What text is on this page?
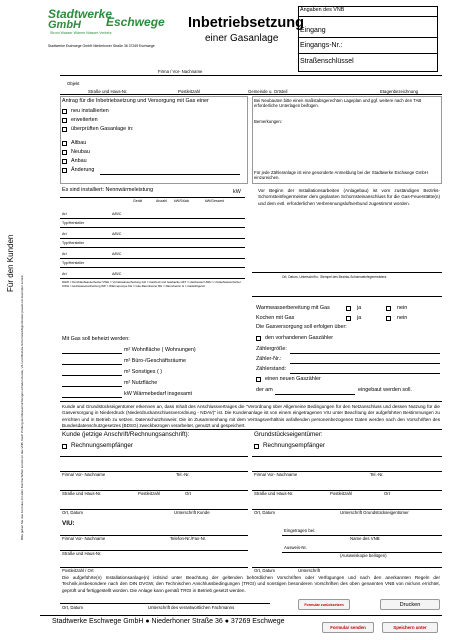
Stadtwerke
GmbH Eschwege
Strom Wasser Wärme Wasser Verkehr
Stadtwerke Eschwege GmbH Niederhoner Straße 36 37269 Eschwege
Inbetriebsetzung
einer Gasanlage
Angaben des VNB
Eingang
Eingangs-Nr.:
Straßenschlüssel
Für den Kunden
Bitte geben Sie das Formular mit allen Durchschriften zurück an das VNB. Nach Prüfung der Messeinrichtungen erhalten Kunde, VIU und Bezirks-Schornsteinfegermeister jeweils ein Exemplar zurück.
Firma / Vor- Nachname
Objekt
Straße und Haus-Nr.	Postleitzahl	Gemeinde u. Ortsteil	Etagenbezeichnung
Antrag für die Inbetriebsetzung und Versorgung mit Gas einer
neu installierten
erweiterten
überprüften Gasanlage in:
Altbau
Neubau
Anbau
Änderung
Bei Neubauten bitte einen maßstabsgerechten Lageplan und ggf. weitere nach den TAB erforderliche Unterlagen beifügen.
Bemerkungen:
Für jede Zähleranlage ist eine gesonderte Anmeldung bei der Stadtwerke Eschwege GmbH einzureichen.
Es sind installiert: Nennwärmeleistung	kW
Gerät	Anzahl kW/Stück	kW/Gesamt
Art	A/B/C
Typ/Hersteller
Art	A/B/C
Typ/Hersteller
Art	A/B/C
Typ/Hersteller
Art	A/B/C
DHW = Durchlaufwasserheizer VWH = Vorratswasserheizung GH = Gasherd und Gasbacke HKT = Heizkessel UWH = Umlaufwasserheizer UWH = Heizwasseranheizung WP = Wärmepumpe KH = Gas-Raumheizer RH = Raumheizer H = Gaskühlgerät
Vor Beginn der Installationsarbeiten (Anlagebau) ist vom zuständigen Bezirks-Schornsteinfegermeister dem geplanten Schornsteinanschluss für die Gas-Feuerstätte(n) und dem evtl. erforderlichen Verbrennungsluftverbund zugestimmt worden.
Ort, Datum, Unterschrift u. Stempel des Bezirks-Schornsteinfegermeisters
Warmwasserbereitung mit Gas	ja	nein
Kochen mit Gas	ja	nein
Die Gasversorgung soll erfolgen über:
den vorhandenen Gaszähler
Zählergröße:
Zähler-Nr.:
Zählerstand:
einen neuen Gaszähler
der am	eingebaut werden soll.
Mit Gas soll beheizt werden:
m² Wohnfläche ( Wohnungen)
m² Büro-/Geschäftsräume
m² Sonstiges ( )
m² Nutzfläche
kW Wärmebedarf insgesamt
Kunde und Grundstückseigentümer erkennen an, dass Inhalt des Anschlussvertrages die "Verordnung über Allgemeine Bedingungen für den Netzanschluss und dessen Nutzung für die Gasversorgung in Niederdruck (Niederdruckanschlussverordnung - NDAV)" ist. Die Kundenanlage ist von einem eingetragenen VIU unter Beachtung der aufgeführten Bestimmungen zu errichten und in Betrieb zu setzen. Datenschutzhinweis: Die im Zusammenhang mit dem Vertragsverhältnis anfallenden personenbezogenen Daten werden nach den Vorschriften des Bundesdatenschutzgesetzes (BDSG) zweckbezogen verarbeitet, genutzt und gespeichert.
Kunde (jetzige Anschrift/Rechnungsanschrift):
Rechnungsempfänger
Firma/ Vor- Nachname	Tel.-Nr.
Straße und Haus-Nr.	Postleitzahl	Ort
Ort, Datum	Unterschrift Kunde
Grundstückseigentümer:
Rechnungsempfänger
Firma/ Vor- Nachname	Tel.-Nr.
Straße und Haus-Nr.	Postleitzahl	Ort
Ort, Datum	Unterschrift Grundstückseigentümer
VIU:
Firma/ Vor- Nachname	Telefon-Nr./Fax-Nr.
Straße und Haus-Nr.
Postleitzahl / Ort
Eingetragen bei:
Name des VNB
Ausweis-Nr.
(Ausweiskopie beilügen)
Ort, Datum	Unterschrift
Die aufgeführte(n) Installationsanlage(n) ist/sind unter Beachtung der geltenden behördlichen Vorschriften oder Verfügungen und nach den anerkannten Regeln der Technik,insbesondere nach den DIN DVGW, den Technischen Anschlussbedingungen (TRGI) und sonstigen besonderen Vorschriften des oben genannten VNB von mir/uns errichtet, geprüft und fertiggestellt worden. Die Anlage kann gemäß TRGI in Betrieb gesetzt werden.
Ort, Datum	Unterschrift des verantwortlichen Fachmanns	Formular zurücksetzen	Drucken
Stadtwerke Eschwege GmbH ● Niederhoner Straße 36 ● 37269 Eschwege
Formular senden	Speichern unter
